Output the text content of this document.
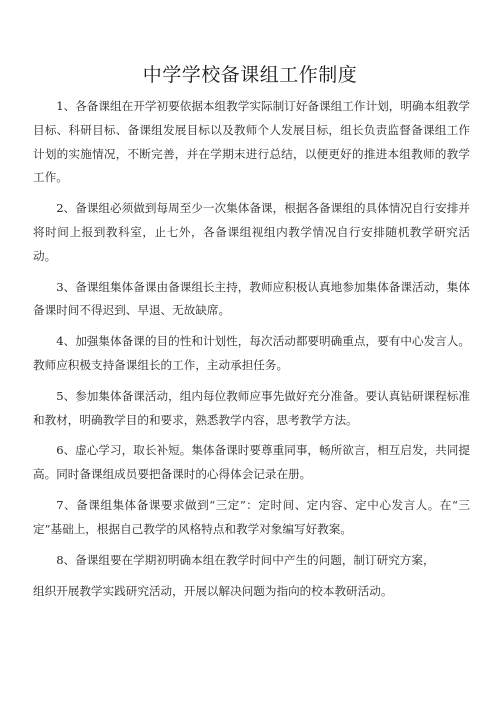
中学学校备课组工作制度

1、各备课组在开学初要依据本组教学实际制订好备课组工作计划，明确本组教学目标、科研目标、备课组发展目标以及教师个人发展目标，组长负责监督备课组工作计划的实施情况，不断完善，并在学期末进行总结，以便更好的推进本组教师的教学工作。

2、备课组必须做到每周至少一次集体备课，根据各备课组的具体情况自行安排并将时间上报到教科室，止七外，各备课组视组内教学情况自行安排随机教学研究活动。

3、备课组集体备课由备课组长主持，教师应积极认真地参加集体备课活动，集体备课时间不得迟到、早退、无故缺席。

4、加强集体备课的目的性和计划性，每次活动都要明确重点，要有中心发言人。教师应积极支持备课组长的工作，主动承担任务。

5、参加集体备课活动，组内每位教师应事先做好充分准备。要认真钻研课程标准和教材，明确教学目的和要求，熟悉教学内容，思考教学方法。

6、虚心学习，取长补短。集体备课时要尊重同事，畅所欲言，相互启发，共同提高。同时备课组成员要把备课时的心得体会记录在册。

7、备课组集体备课要求做到“三定”：定时间、定内容、定中心发言人。在“三定”基础上，根据自己教学的风格特点和教学对象编写好教案。

8、备课组要在学期初明确本组在教学时间中产生的问题，制订研究方案，
组织开展教学实践研究活动，开展以解决问题为指向的校本教研活动。
